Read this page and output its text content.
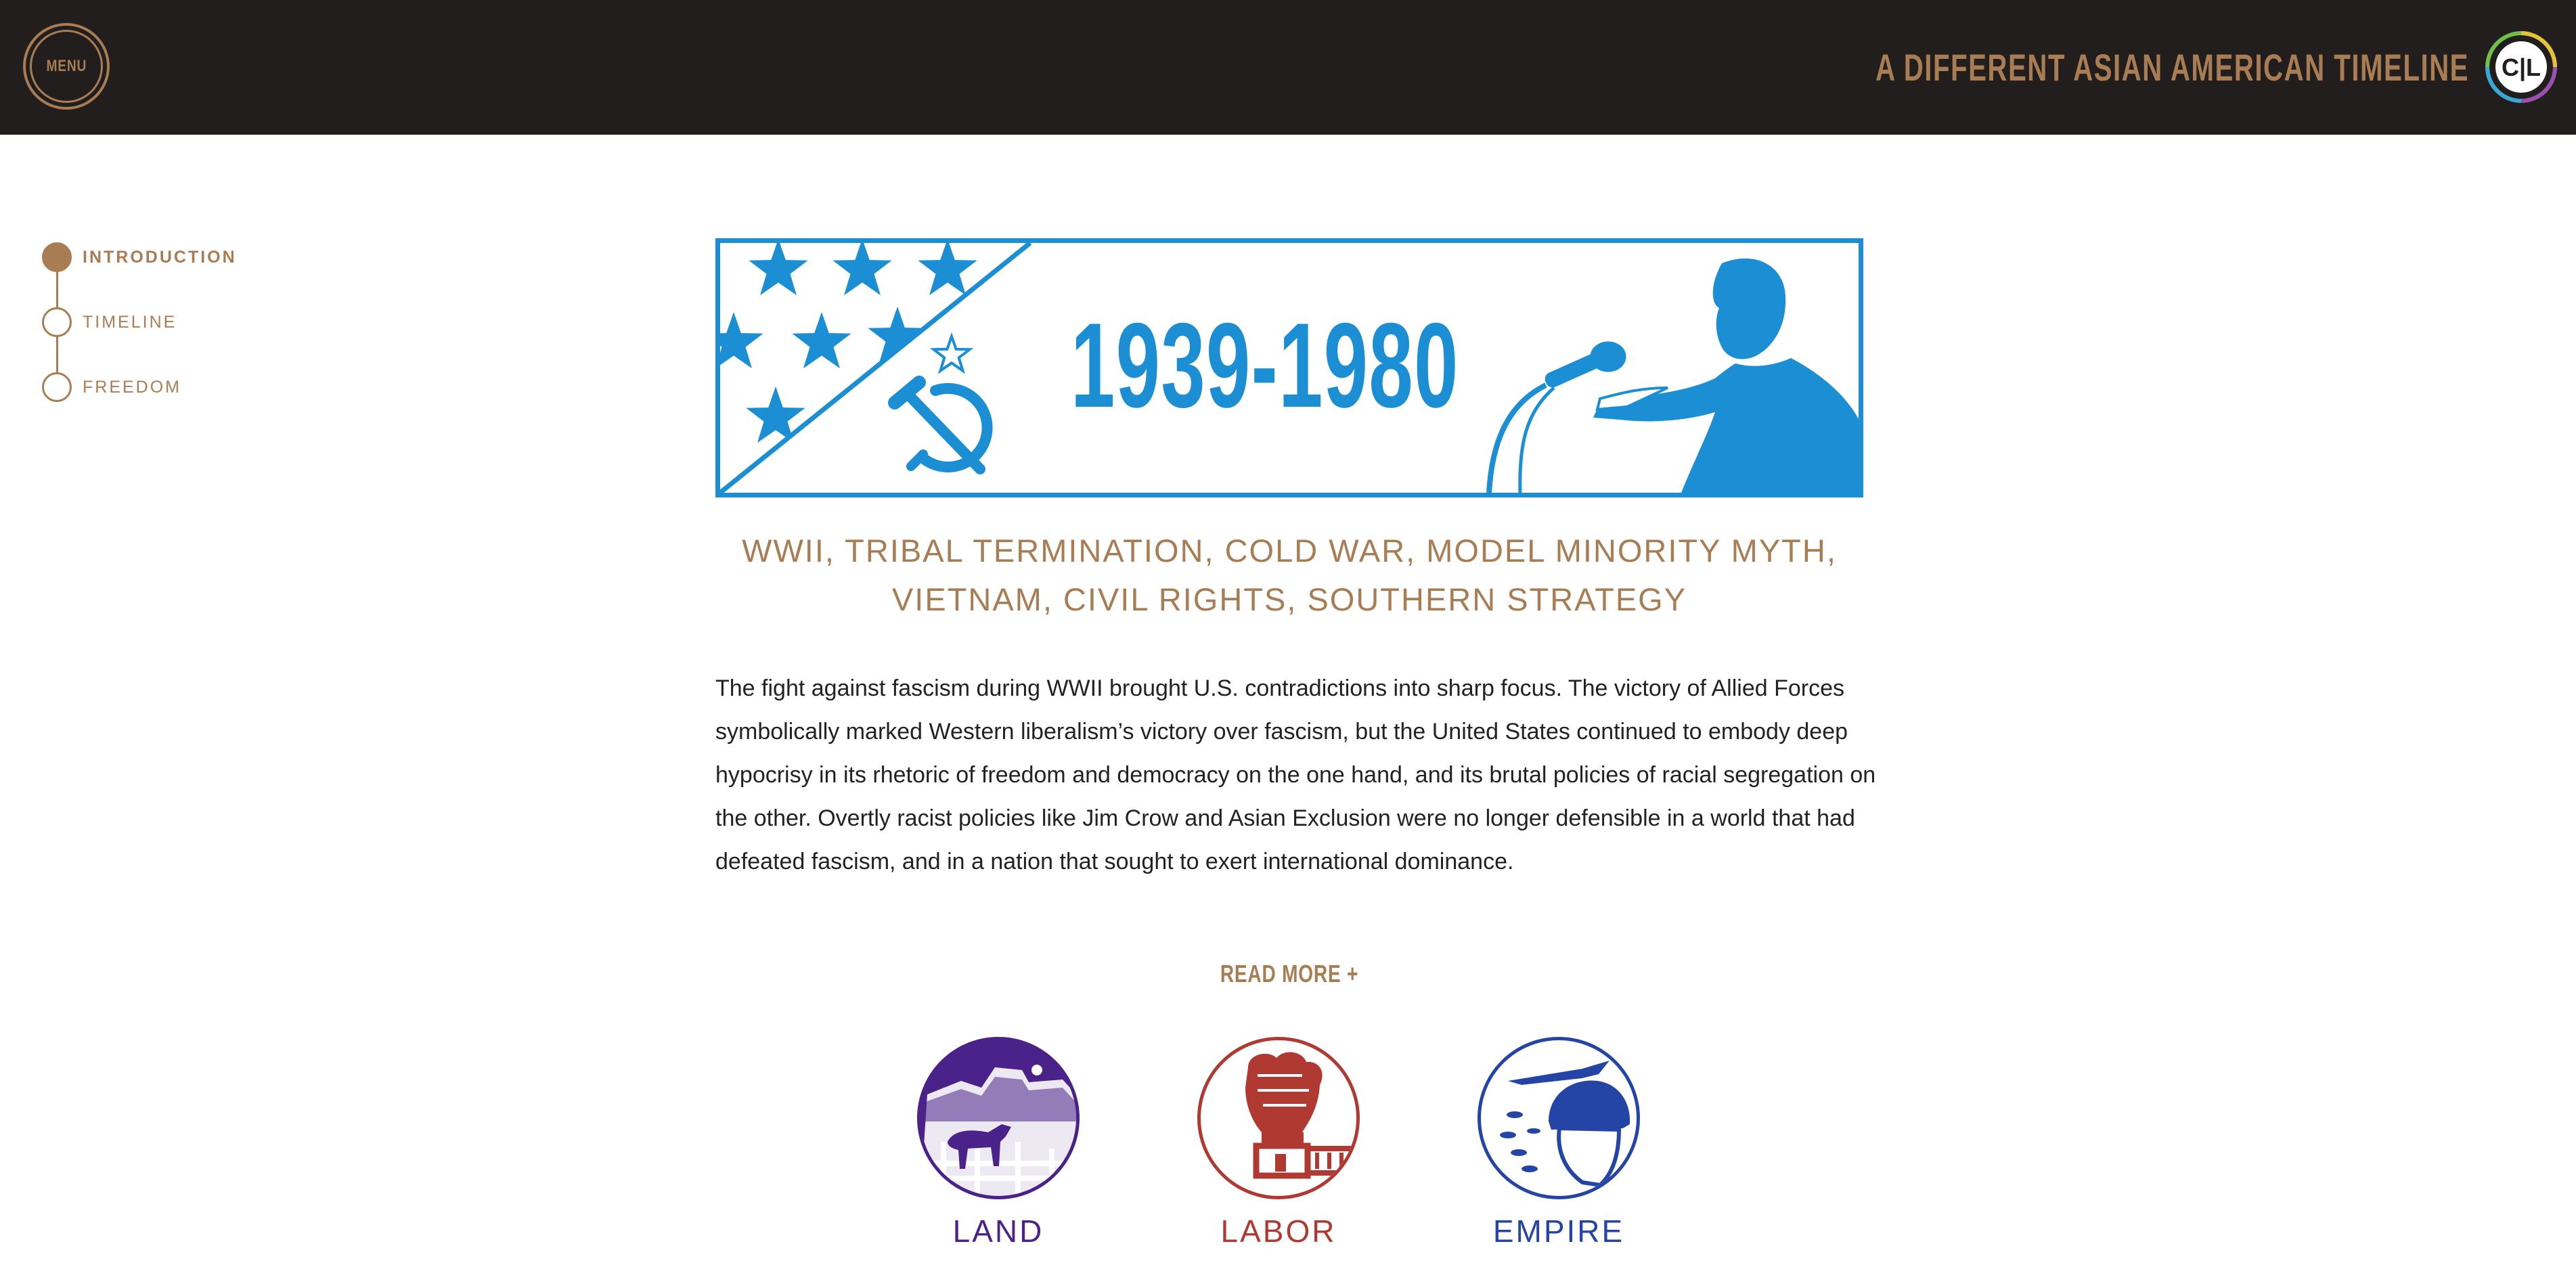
MENU	A DIFFERENT ASIAN AMERICAN TIMELINE C|L
INTRODUCTION
TIMELINE
FREEDOM	1939-1980
WWII, TRIBAL TERMINATION, COLD WAR, MODEL MINORITY MYTH,
VIETNAM, CIVIL RIGHTS, SOUTHERN STRATEGY

The fight against fascism during WWII brought U.S. contradictions into sharp focus. The victory of Allied Forces symbolically marked Western liberalism’s victory over fascism, but the United States continued to embody deep hypocrisy in its rhetoric of freedom and democracy on the one hand, and its brutal policies of racial segregation on the other. Overtly racist policies like Jim Crow and Asian Exclusion were no longer defensible in a world that had defeated fascism, and in a nation that sought to exert international dominance.

READ MORE +
LAND	LABOR	EMPIRE
